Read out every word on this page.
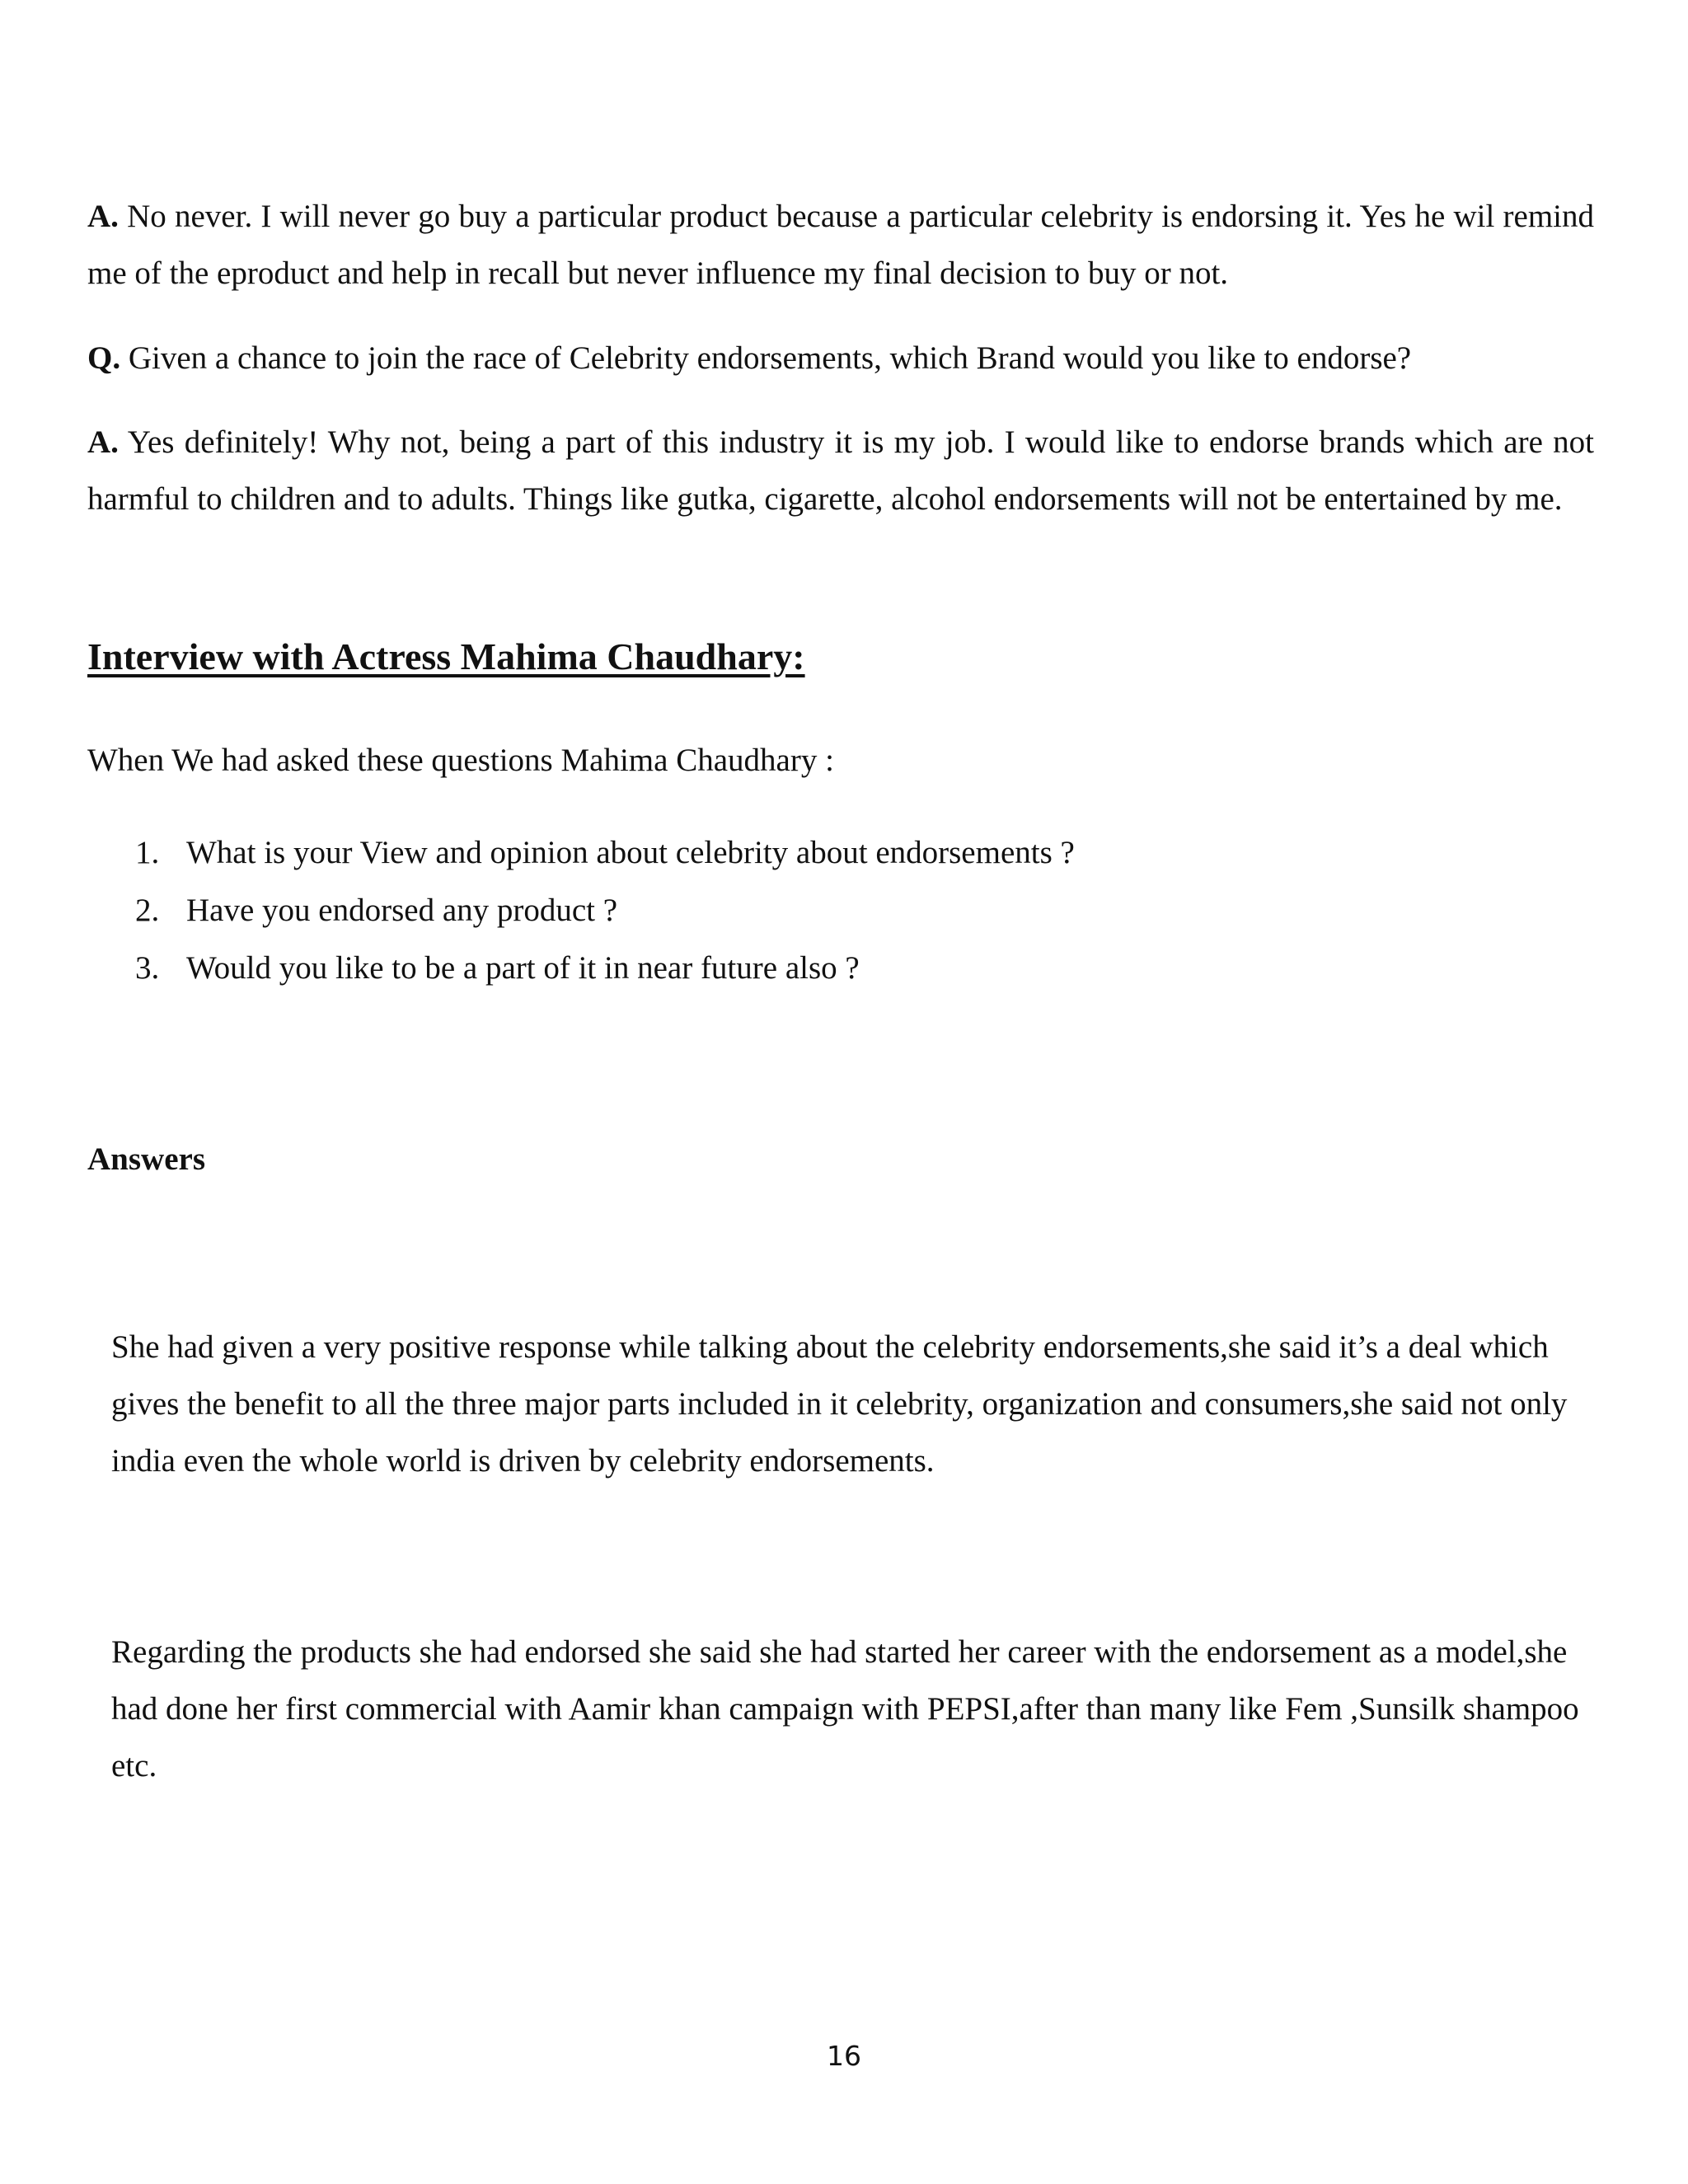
A. No never. I will never go buy a particular product because a particular celebrity is endorsing it. Yes he wil remind me of the eproduct and help in recall but never influence my final decision to buy or not.

Q. Given a chance to join the race of Celebrity endorsements, which Brand would you like to endorse?

A. Yes definitely! Why not, being a part of this industry it is my job. I would like to endorse brands which are not harmful to children and to adults. Things like gutka, cigarette, alcohol endorsements will not be entertained by me.

Interview with Actress Mahima Chaudhary:

When We had asked these questions Mahima Chaudhary :

1. What is your View and opinion about celebrity about endorsements ?
2. Have you endorsed any product ?
3. Would you like to be a part of it in near future also ?
Answers

She had given a very positive response while talking about the celebrity endorsements,she said it’s a deal which gives the benefit to all the three major parts included in it celebrity, organization and consumers,she said not only india even the whole world is driven by celebrity endorsements.

Regarding the products she had endorsed she said she had started her career with the endorsement as a model,she had done her first commercial with Aamir khan campaign with PEPSI,after than many like Fem ,Sunsilk shampoo etc.

16
